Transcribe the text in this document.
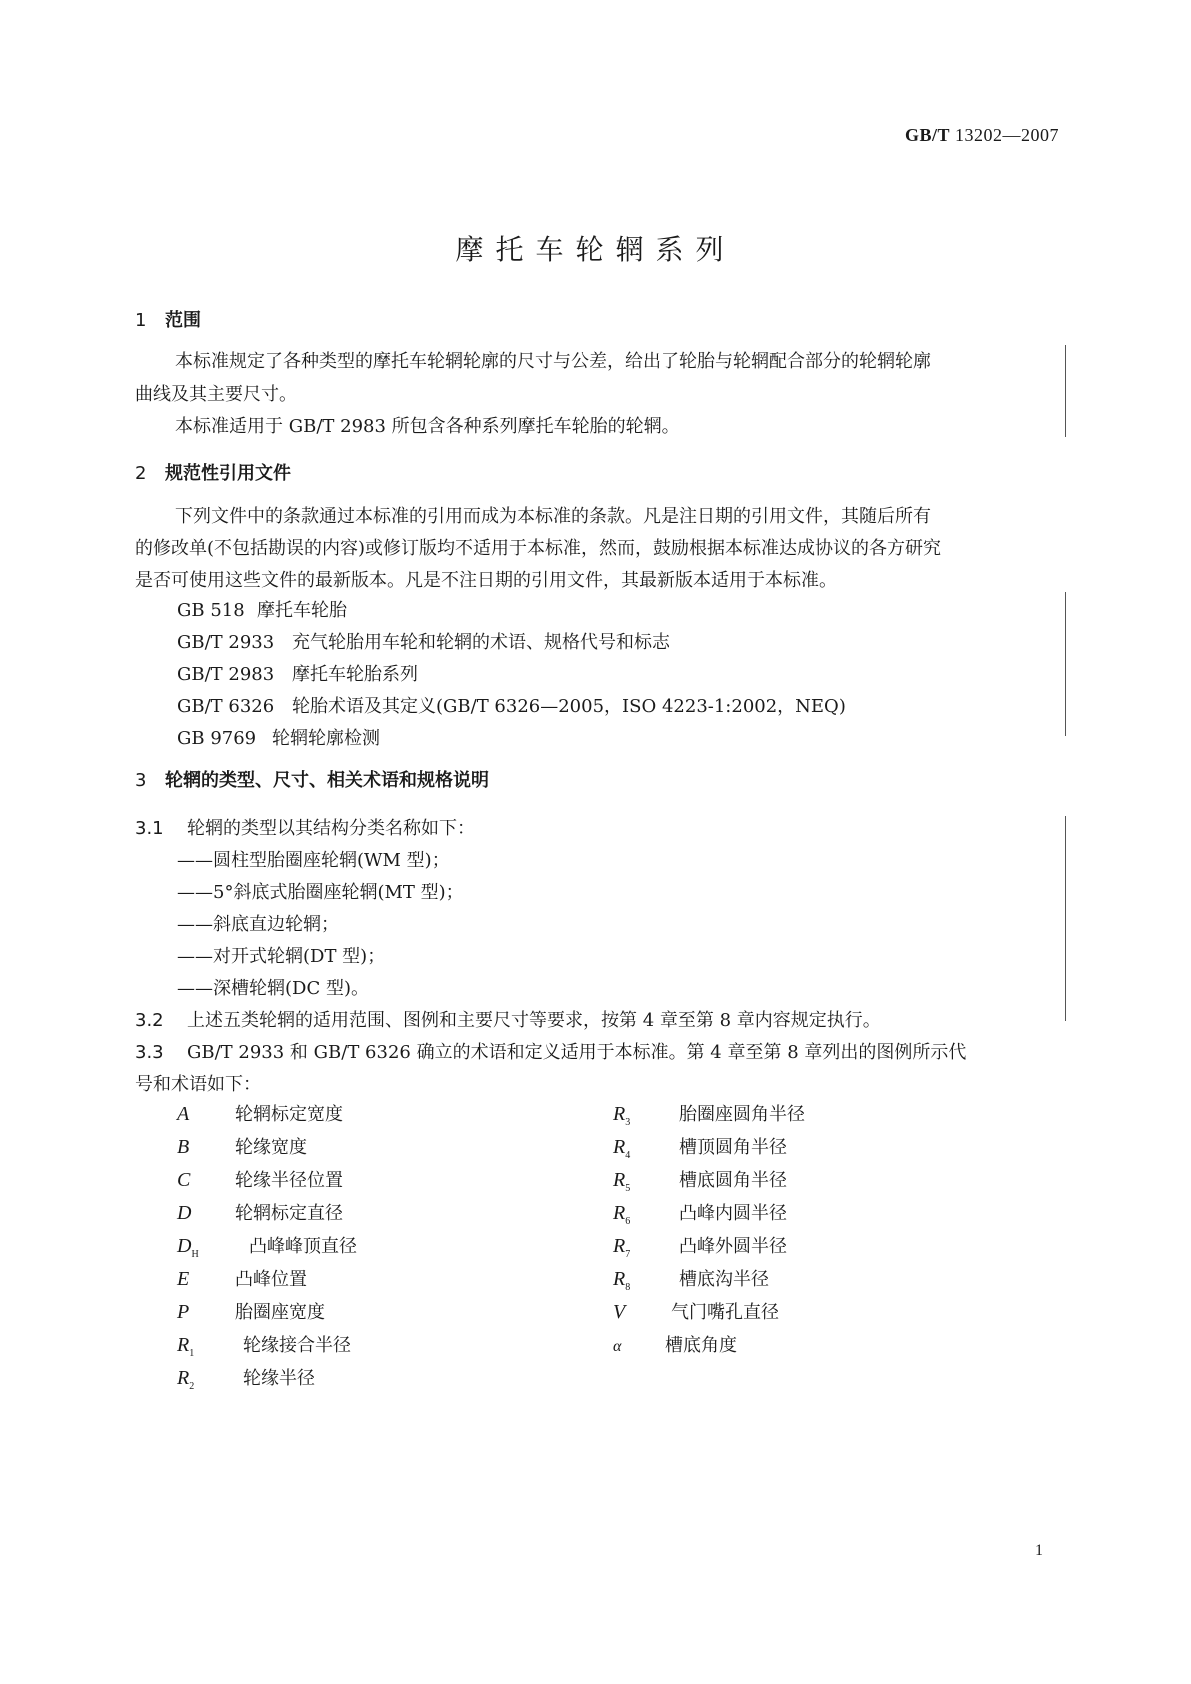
GB/T 13202—2007
摩托车轮辋系列
1 范围
本标准规定了各种类型的摩托车轮辋轮廓的尺寸与公差，给出了轮胎与轮辋配合部分的轮辋轮廓
曲线及其主要尺寸。
本标准适用于 GB/T 2983 所包含各种系列摩托车轮胎的轮辋。
2 规范性引用文件
下列文件中的条款通过本标准的引用而成为本标准的条款。凡是注日期的引用文件，其随后所有
的修改单(不包括勘误的内容)或修订版均不适用于本标准，然而，鼓励根据本标准达成协议的各方研究
是否可使用这些文件的最新版本。凡是不注日期的引用文件，其最新版本适用于本标准。
GB 518 摩托车轮胎
GB/T 2933 充气轮胎用车轮和轮辋的术语、规格代号和标志
GB/T 2983 摩托车轮胎系列
GB/T 6326 轮胎术语及其定义(GB/T 6326—2005，ISO 4223-1:2002，NEQ)
GB 9769 轮辋轮廓检测
3 轮辋的类型、尺寸、相关术语和规格说明
3.1 轮辋的类型以其结构分类名称如下：
——圆柱型胎圈座轮辋(WM 型)；
——5°斜底式胎圈座轮辋(MT 型)；
——斜底直边轮辋；
——对开式轮辋(DT 型)；
——深槽轮辋(DC 型)。
3.2 上述五类轮辋的适用范围、图例和主要尺寸等要求，按第 4 章至第 8 章内容规定执行。
3.3 GB/T 2933 和 GB/T 6326 确立的术语和定义适用于本标准。第 4 章至第 8 章列出的图例所示代
号和术语如下：
A	轮辋标定宽度
B	轮缘宽度
C 轮缘半径位置
D 轮辋标定直径
$D_H$	凸峰峰顶直径
E	凸峰位置
P	胎圈座宽度
$R_1$	轮缘接合半径
$R_2$	轮缘半径
$R_3$	胎圈座圆角半径
$R_4$	槽顶圆角半径
$R_5$	槽底圆角半径
$R_6$	凸峰内圆半径
$R_7$	凸峰外圆半径
$R_8$	槽底沟半径
V	气门嘴孔直径
α 槽底角度
1
